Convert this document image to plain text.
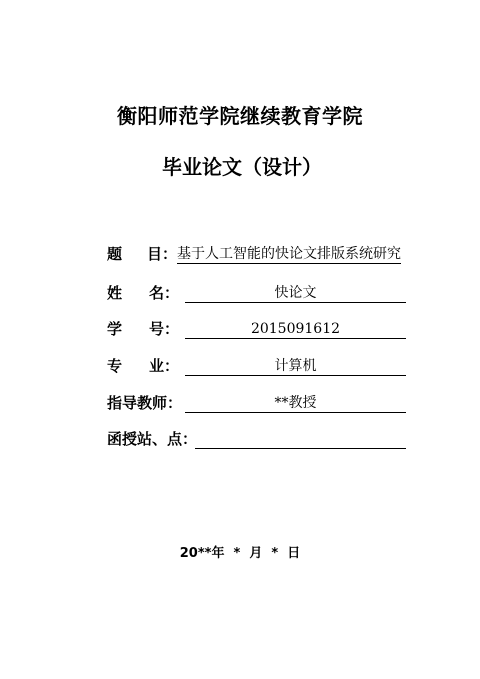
衡阳师范学院继续教育学院
毕业论文（设计）
题 目 ： 基于人工智能的快论文排版系统研究
姓 名 ：	快论文
学 号 ：	2015091612
专 业 ：	计算机
指导教师：	**教授
函授站、点：
20**年  *  月  *  日
